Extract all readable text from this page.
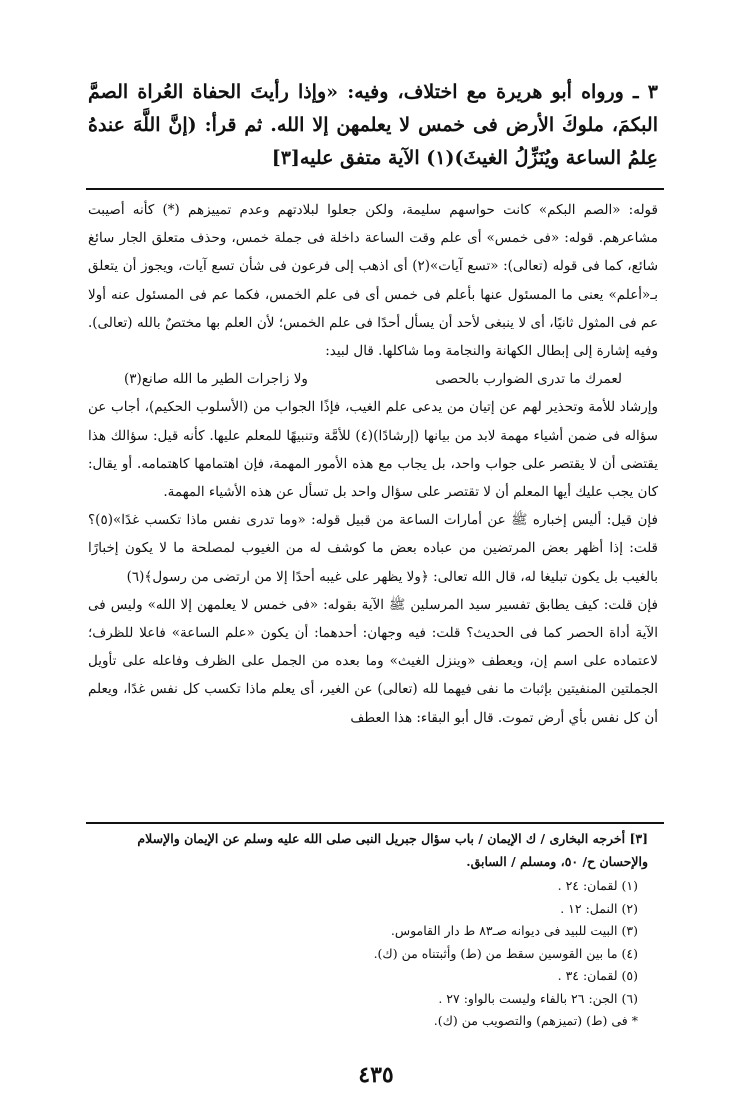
٣ ـ ورواه أبو هريرة مع اختلاف، وفيه: «وإذا رأيتَ الحفاة العُراة الصمَّ البكمَ، ملوكَ الأرض فى خمس لا يعلمهن إلا الله. ثم قرأ: (إنَّ اللَّهَ عندهُ عِلمُ الساعة ويُنَزِّلُ الغيثَ)(١) الآية متفق عليه[٣]

قوله: «الصم البكم» كانت حواسهم سليمة، ولكن جعلوا لبلادتهم وعدم تمييزهم (*) كأنه أصيبت مشاعرهم. قوله: «فى خمس» أى علم وقت الساعة داخلة فى جملة خمس، وحذف متعلق الجار سائغ شائع، كما فى قوله (تعالى): «تسع آيات»(٢) أى اذهب إلى فرعون فى شأن تسع آيات، ويجوز أن يتعلق بـ«أعلم» يعنى ما المسئول عنها بأعلم فى خمس أى فى علم الخمس، فكما عم فى المسئول عنه أولا عم فى المثول ثانيًا، أى لا ينبغى لأحد أن يسأل أحدًا فى علم الخمس؛ لأن العلم بها مختصٌ بالله (تعالى). وفيه إشارة إلى إبطال الكهانة والنجامة وما شاكلها. قال لبيد:

لعمرك ما تدرى الضوارب بالحصى
ولا زاجرات الطير ما الله صانع(٣)

وإرشاد للأمة وتحذير لهم عن إتيان من يدعى علم الغيب، فإذًا الجواب من (الأسلوب الحكيم)، أجاب عن سؤاله فى ضمن أشياء مهمة لابد من بيانها (إرشادًا)(٤) للأمَّة وتنبيهًا للمعلم عليها. كأنه قيل: سؤالك هذا يقتضى أن لا يقتصر على جواب واحد، بل يجاب مع هذه الأمور المهمة، فإن اهتمامها كاهتمامه. أو يقال: كان يجب عليك أيها المعلم أن لا تقتصر على سؤال واحد بل تسأل عن هذه الأشياء المهمة.

فإن قيل: أليس إخباره ﷺ عن أمارات الساعة من قبيل قوله: «وما تدرى نفس ماذا تكسب غدًا»(٥)؟ قلت: إذا أظهر بعض المرتضين من عباده بعض ما كوشف له من الغيوب لمصلحة ما لا يكون إخبارًا بالغيب بل يكون تبليغا له، قال الله تعالى: ﴿ولا يظهر على غيبه أحدًا إلا من ارتضى من رسول﴾(٦)

فإن قلت: كيف يطابق تفسير سيد المرسلين ﷺ الآية بقوله: «فى خمس لا يعلمهن إلا الله» وليس فى الآية أداة الحصر كما فى الحديث؟ قلت: فيه وجهان: أحدهما: أن يكون «علم الساعة» فاعلا للظرف؛ لاعتماده على اسم إن، ويعطف «وينزل الغيث» وما بعده من الجمل على الظرف وفاعله على تأويل الجملتين المنفيتين بإثبات ما نفى فيهما لله (تعالى) عن الغير، أى يعلم ماذا تكسب كل نفس غدًا، ويعلم أن كل نفس بأي أرض تموت. قال أبو البقاء: هذا العطف

[٣] أخرجه البخارى / ك الإيمان / باب سؤال جبريل النبى صلى الله عليه وسلم عن الإيمان والإسلام والإحسان ح/ ٥٠، ومسلم / السابق.

(١) لقمان: ٢٤ .
(٢) النمل: ١٢ .
(٣) البيت للبيد فى ديوانه صـ٨٣ ط دار القاموس.
(٤) ما بين القوسين سقط من (ط) وأثبتناه من (ك).
(٥) لقمان: ٣٤ .
(٦) الجن: ٢٦ بالفاء وليست بالواو: ٢٧ .
* فى (ط) (تميزهم) والتصويب من (ك).
٤٣٥
